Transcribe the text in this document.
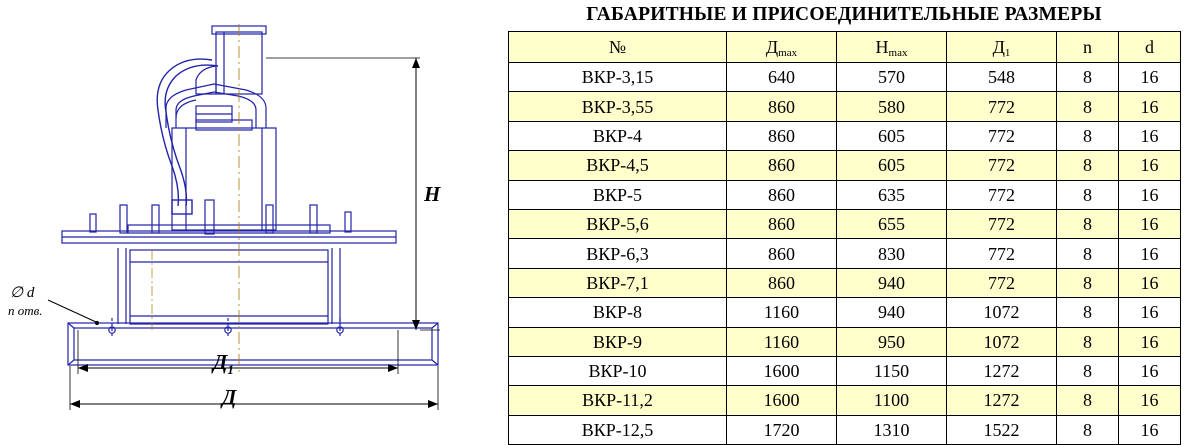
H
$Д_1$
Д
∅ d
n отв.
ГАБАРИТНЫЕ И ПРИСОЕДИНИТЕЛЬНЫЕ РАЗМЕРЫ
№	$Д_{max}$	$H_{max}$	$Д_1$	n	d
ВКР-3,15	640	570	548	8	16
ВКР-3,55	860	580	772	8	16
ВКР-4	860	605	772	8	16
ВКР-4,5	860	605	772	8	16
ВКР-5	860	635	772	8	16
ВКР-5,6	860	655	772	8	16
ВКР-6,3	860	830	772	8	16
ВКР-7,1	860	940	772	8	16
ВКР-8	1160	940	1072	8	16
ВКР-9	1160	950	1072	8	16
ВКР-10	1600	1150	1272	8	16
ВКР-11,2	1600	1100	1272	8	16
ВКР-12,5	1720	1310	1522	8	16
